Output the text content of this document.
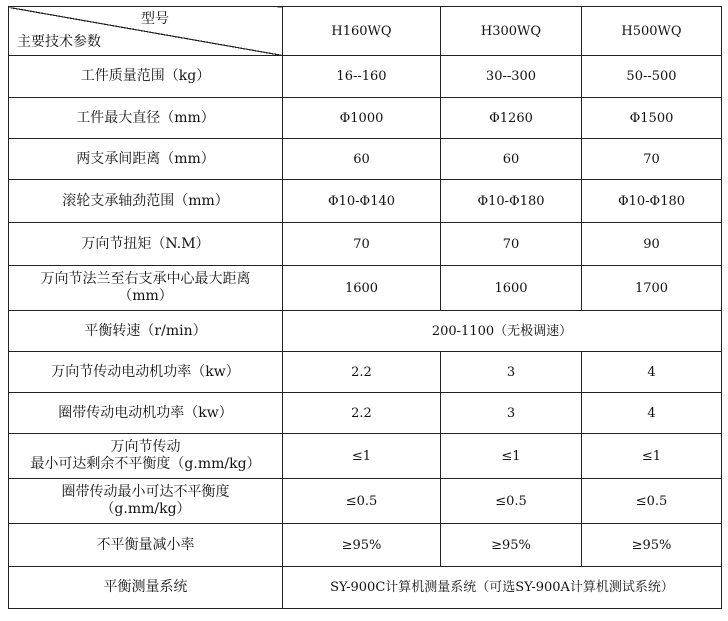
型号
主要技术参数	H160WQ	H300WQ	H500WQ
工件质量范围（kg）	16--160	30--300	50--500
工件最大直径（mm）	Φ1000	Φ1260	Φ1500
两支承间距离（mm）	60	60	70
滚轮支承轴劲范围（mm）	Φ10-Φ140	Φ10-Φ180	Φ10-Φ180
万向节扭矩（N.M）	70	70	90

万向节法兰至右支承中心最大距离
（mm）	1600	1600	1700
平衡转速（r/min）	200-1100（无极调速）		
万向节传动电动机功率（kw）	2.2	3	4
圈带传动电动机功率（kw）	2.2	3	4

万向节传动
最小可达剩余不平衡度（g.mm/kg）	≤1	≤1	≤1

圈带传动最小可达不平衡度
（g.mm/kg）	≤0.5	≤0.5	≤0.5
不平衡量减小率	≥95%	≥95%	≥95%
平衡测量系统	SY-900C计算机测量系统（可选SY-900A计算机测试系统）		
